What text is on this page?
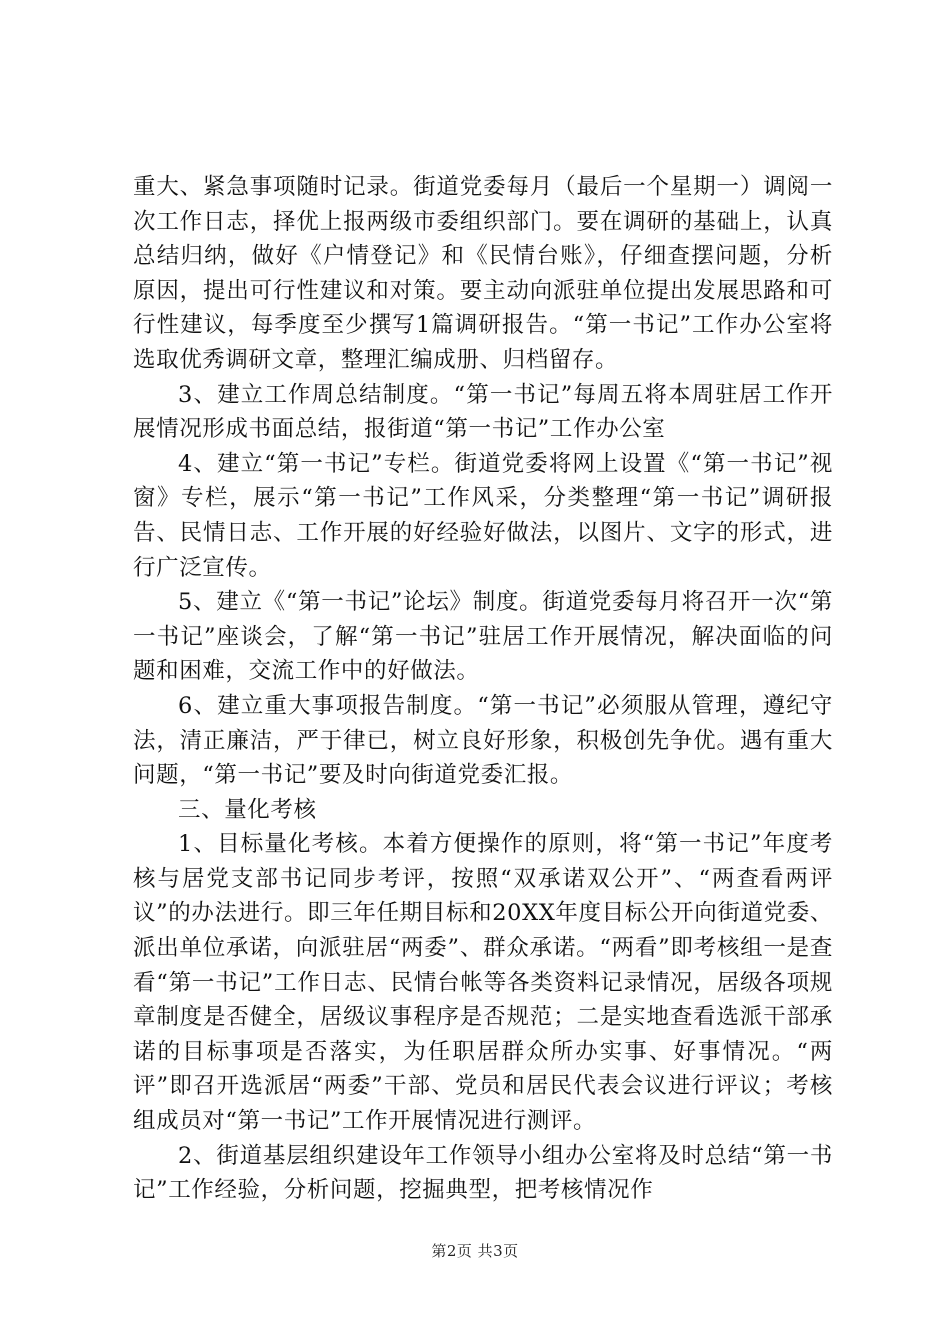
重大、紧急事项随时记录。街道党委每月（最后一个星期一）调阅一次工作日志，择优上报两级市委组织部门。要在调研的基础上，认真总结归纳，做好《户情登记》和《民情台账》，仔细查摆问题，分析原因，提出可行性建议和对策。要主动向派驻单位提出发展思路和可行性建议，每季度至少撰写1篇调研报告。“第一书记”工作办公室将选取优秀调研文章，整理汇编成册、归档留存。

3、建立工作周总结制度。“第一书记”每周五将本周驻居工作开展情况形成书面总结，报街道“第一书记”工作办公室

4、建立“第一书记”专栏。街道党委将网上设置《“第一书记”视窗》专栏，展示“第一书记”工作风采，分类整理“第一书记”调研报告、民情日志、工作开展的好经验好做法，以图片、文字的形式，进行广泛宣传。

5、建立《“第一书记”论坛》制度。街道党委每月将召开一次“第一书记”座谈会，了解“第一书记”驻居工作开展情况，解决面临的问题和困难，交流工作中的好做法。

6、建立重大事项报告制度。“第一书记”必须服从管理，遵纪守法，清正廉洁，严于律已，树立良好形象，积极创先争优。遇有重大问题，“第一书记”要及时向街道党委汇报。

三、量化考核

1、目标量化考核。本着方便操作的原则，将“第一书记”年度考核与居党支部书记同步考评，按照“双承诺双公开”、“两查看两评议”的办法进行。即三年任期目标和20XX年度目标公开向街道党委、派出单位承诺，向派驻居“两委”、群众承诺。“两看”即考核组一是查看“第一书记”工作日志、民情台帐等各类资料记录情况，居级各项规章制度是否健全，居级议事程序是否规范；二是实地查看选派干部承诺的目标事项是否落实，为任职居群众所办实事、好事情况。“两评”即召开选派居“两委”干部、党员和居民代表会议进行评议；考核组成员对“第一书记”工作开展情况进行测评。

2、街道基层组织建设年工作领导小组办公室将及时总结“第一书记”工作经验，分析问题，挖掘典型，把考核情况作

第2页 共3页
